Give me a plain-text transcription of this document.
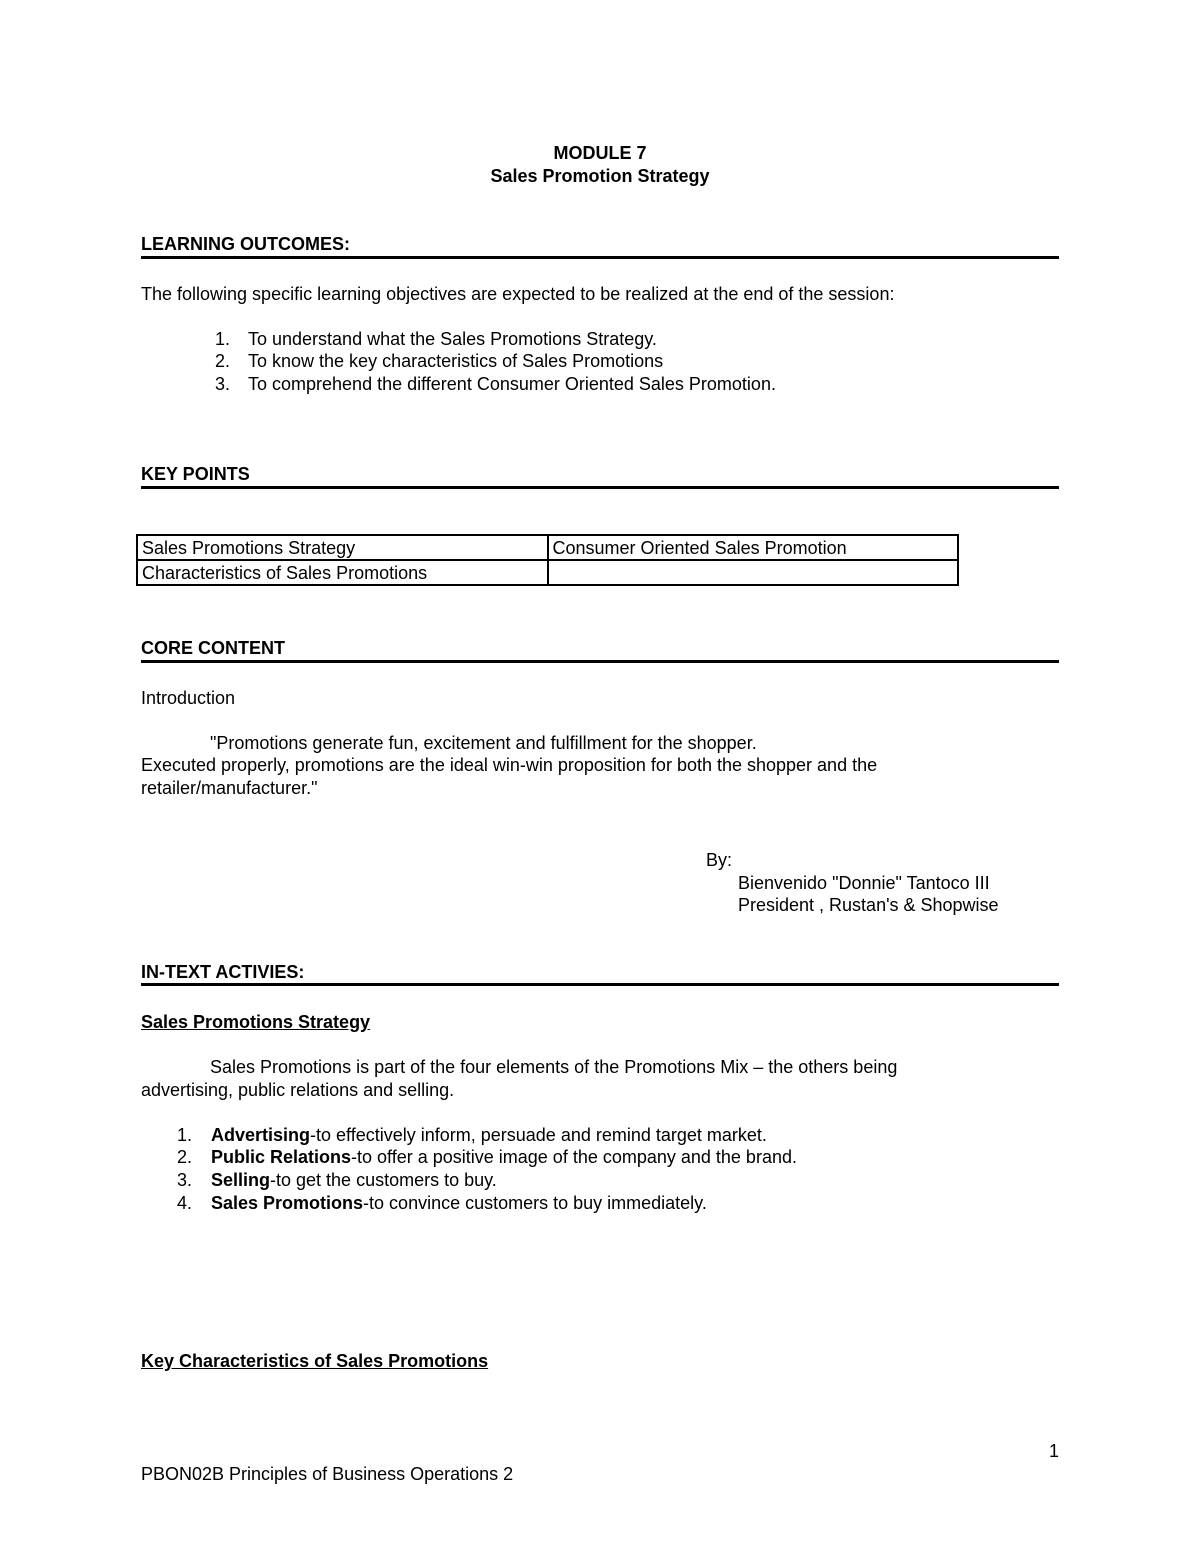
MODULE 7
Sales Promotion Strategy
LEARNING OUTCOMES:
The following specific learning objectives are expected to be realized at the end of the session:
1. To understand what the Sales Promotions Strategy.
2. To know the key characteristics of Sales Promotions
3. To comprehend the different Consumer Oriented Sales Promotion.
KEY POINTS
Sales Promotions Strategy	Consumer Oriented Sales Promotion
Characteristics of Sales Promotions	
CORE CONTENT
Introduction
"Promotions generate fun, excitement and fulfillment for the shopper.
Executed properly, promotions are the ideal win-win proposition for both the shopper and the
retailer/manufacturer."
By:
Bienvenido "Donnie" Tantoco III
President , Rustan's & Shopwise
IN-TEXT ACTIVIES:
Sales Promotions Strategy
Sales Promotions is part of the four elements of the Promotions Mix – the others being
advertising, public relations and selling.
1. Advertising-to effectively inform, persuade and remind target market.
2. Public Relations-to offer a positive image of the company and the brand.
3. Selling-to get the customers to buy.
4. Sales Promotions-to convince customers to buy immediately.
Key Characteristics of Sales Promotions
1
PBON02B Principles of Business Operations 2
